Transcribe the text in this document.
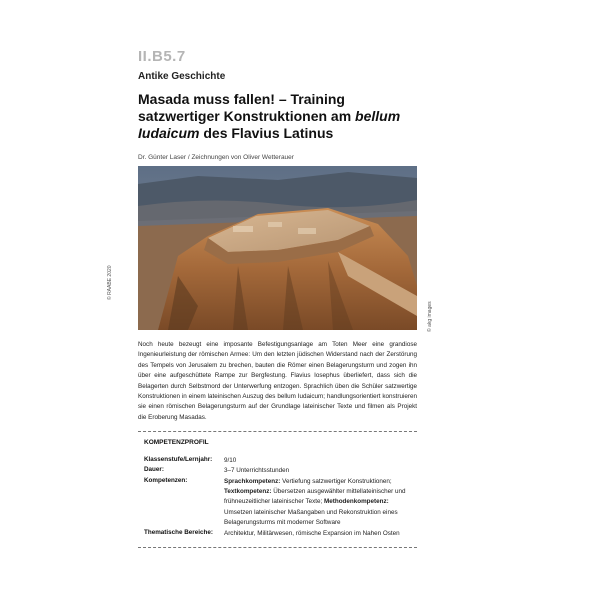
II.B5.7
Antike Geschichte
Masada muss fallen! – Training satzwertiger Konstruktionen am bellum Iudaicum des Flavius Latinus
Dr. Günter Laser / Zeichnungen von Oliver Wetterauer
© RAABE 2020
© akg images
Noch heute bezeugt eine imposante Befestigungsanlage am Toten Meer eine grandiose Ingenieurleistung der römischen Armee: Um den letzten jüdischen Widerstand nach der Zerstörung des Tempels von Jerusalem zu brechen, bauten die Römer einen Belagerungsturm und zogen ihn über eine aufgeschüttete Rampe zur Bergfestung. Flavius Iosephus überliefert, dass sich die Belagerten durch Selbstmord der Unterwerfung entzogen. Sprachlich üben die Schüler satzwertige Konstruktionen in einem lateinischen Auszug des bellum Iudaicum; handlungsorientiert konstruieren sie einen römischen Belagerungsturm auf der Grundlage lateinischer Texte und filmen als Projekt die Eroberung Masadas.
KOMPETENZPROFIL
Klassenstufe/Lernjahr: 9/10
Dauer:	3–7 Unterrichtsstunden
Kompetenzen:	Sprachkompetenz: Vertiefung satzwertiger Konstruktionen; Textkompetenz: Übersetzen ausgewählter mittellateinischer und frühneuzeitlicher lateinischer Texte; Methodenkompetenz: Umsetzen lateinischer Maßangaben und Rekonstruktion eines Belagerungsturms mit moderner Software
Thematische Bereiche: Architektur, Militärwesen, römische Expansion im Nahen Osten
